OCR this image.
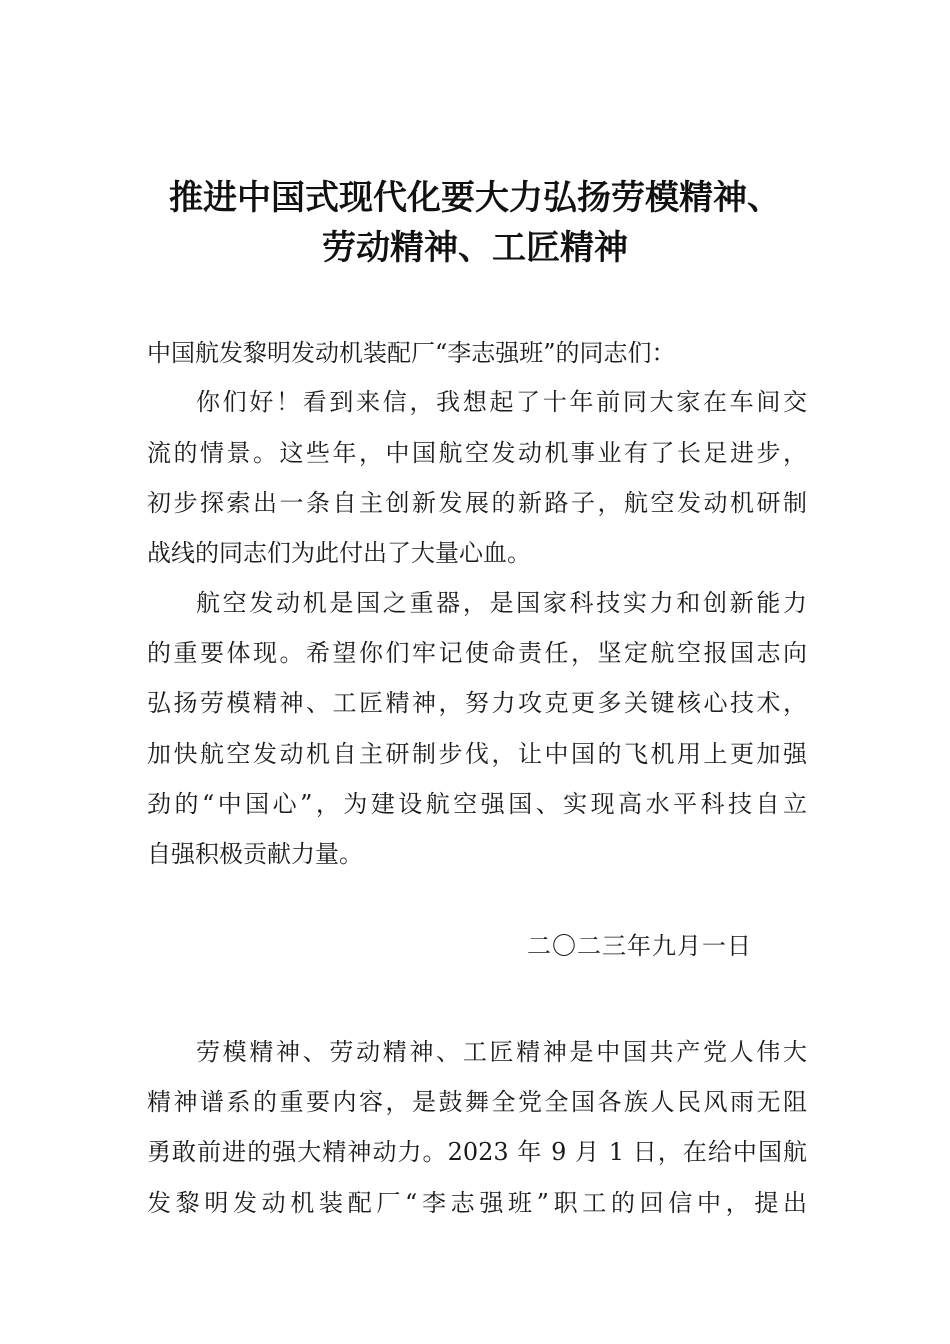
推进中国式现代化要大力弘扬劳模精神、
劳动精神、工匠精神
中国航发黎明发动机装配厂“李志强班”的同志们：
你们好！看到来信，我想起了十年前同大家在车间交
流的情景。这些年，中国航空发动机事业有了长足进步，
初步探索出一条自主创新发展的新路子，航空发动机研制
战线的同志们为此付出了大量心血。
航空发动机是国之重器，是国家科技实力和创新能力
的重要体现。希望你们牢记使命责任，坚定航空报国志向
弘扬劳模精神、工匠精神，努力攻克更多关键核心技术，
加快航空发动机自主研制步伐，让中国的飞机用上更加强
劲的“中国心”，为建设航空强国、实现高水平科技自立
自强积极贡献力量。
二〇二三年九月一日
劳模精神、劳动精神、工匠精神是中国共产党人伟大
精神谱系的重要内容，是鼓舞全党全国各族人民风雨无阻
勇敢前进的强大精神动力。2023 年 9 月 1 日，在给中国航
发黎明发动机装配厂“李志强班”职工的回信中，提出
